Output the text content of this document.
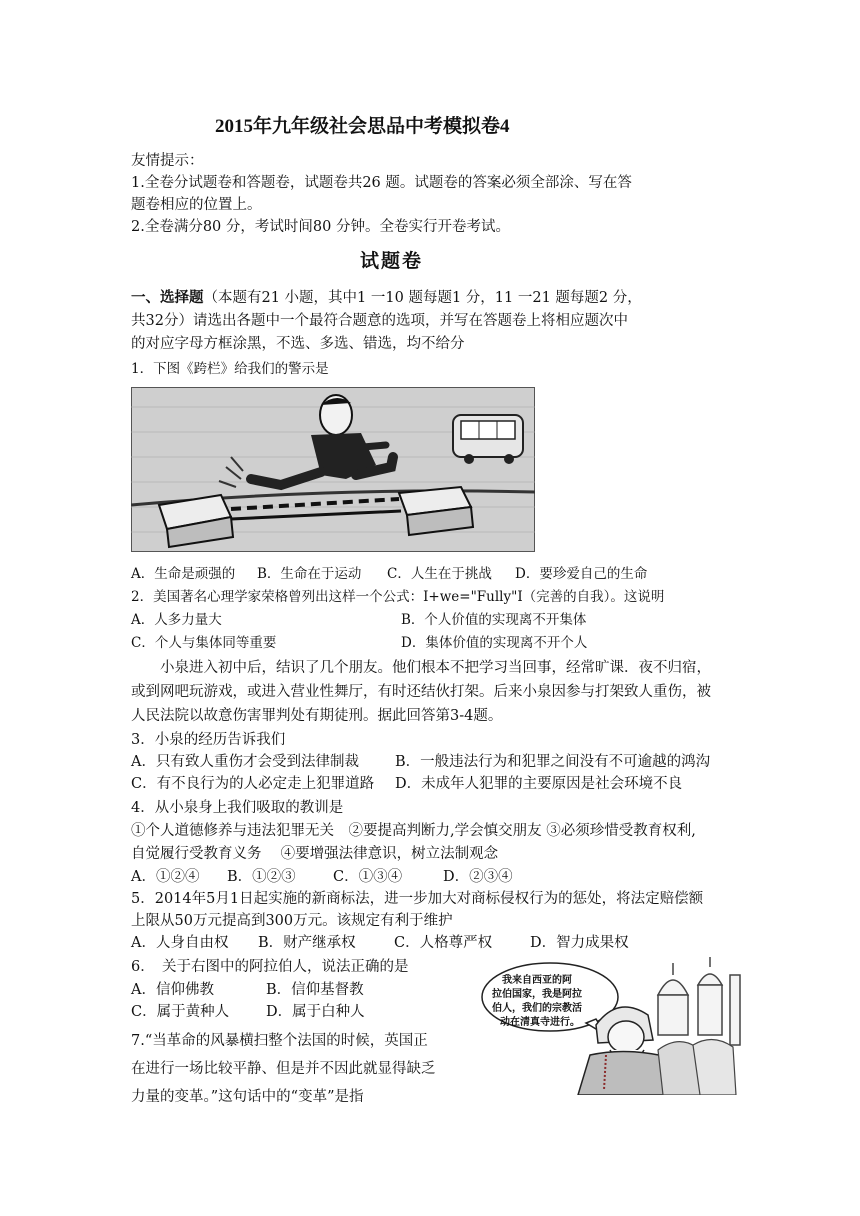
2015年九年级社会思品中考模拟卷4
友情提示：
1.全卷分试题卷和答题卷，试题卷共26 题。试题卷的答案必须全部涂、写在答
题卷相应的位置上。
2.全卷满分80 分，考试时间80 分钟。全卷实行开卷考试。
试题卷
一、选择题（本题有21 小题，其中1 一10 题每题1 分，11 一21 题每题2 分，
共32分）请选出各题中一个最符合题意的选项，并写在答题卷上将相应题次中
的对应字母方框涂黑，不选、多选、错选，均不给分
1．下图《跨栏》给我们的警示是
A．生命是顽强的 B．生命在于运动 C．人生在于挑战 D．要珍爱自己的生命
2．美国著名心理学家荣格曾列出这样一个公式：I+we="Fully"I（完善的自我）。这说明
A．人多力量大	B．个人价值的实现离不开集体
C．个人与集体同等重要	D．集体价值的实现离不开个人
小泉进入初中后，结识了几个朋友。他们根本不把学习当回事，经常旷课．夜不归宿，
或到网吧玩游戏，或进入营业性舞厅，有时还结伙打架。后来小泉因参与打架致人重伤，被
人民法院以故意伤害罪判处有期徒刑。据此回答第3-4题。
3．小泉的经历告诉我们
A．只有致人重伤才会受到法律制裁 B．一般违法行为和犯罪之间没有不可逾越的鸿沟
C．有不良行为的人必定走上犯罪道路 D．未成年人犯罪的主要原因是社会环境不良
4．从小泉身上我们吸取的教训是
①个人道德修养与违法犯罪无关　②要提高判断力,学会慎交朋友 ③必须珍惜受教育权利,
自觉履行受教育义务　 ④要增强法律意识，树立法制观念
A．①②④ B．①②③	C．①③④	D．②③④
5．2014年5月1日起实施的新商标法，进一步加大对商标侵权行为的惩处，将法定赔偿额
上限从50万元提高到300万元。该规定有利于维护
A．人身自由权 B．财产继承权	C．人格尊严权	D．智力成果权
6．　关于右图中的阿拉伯人，说法正确的是
A．信仰佛教	B．信仰基督教
C．属于黄种人	D．属于白种人
7.“当革命的风暴横扫整个法国的时候，英国正
在进行一场比较平静、但是并不因此就显得缺乏
力量的变革。”这句话中的“变革”是指
我来自西亚的阿
拉伯国家，我是阿拉
伯人，我们的宗教活
动在清真寺进行。
